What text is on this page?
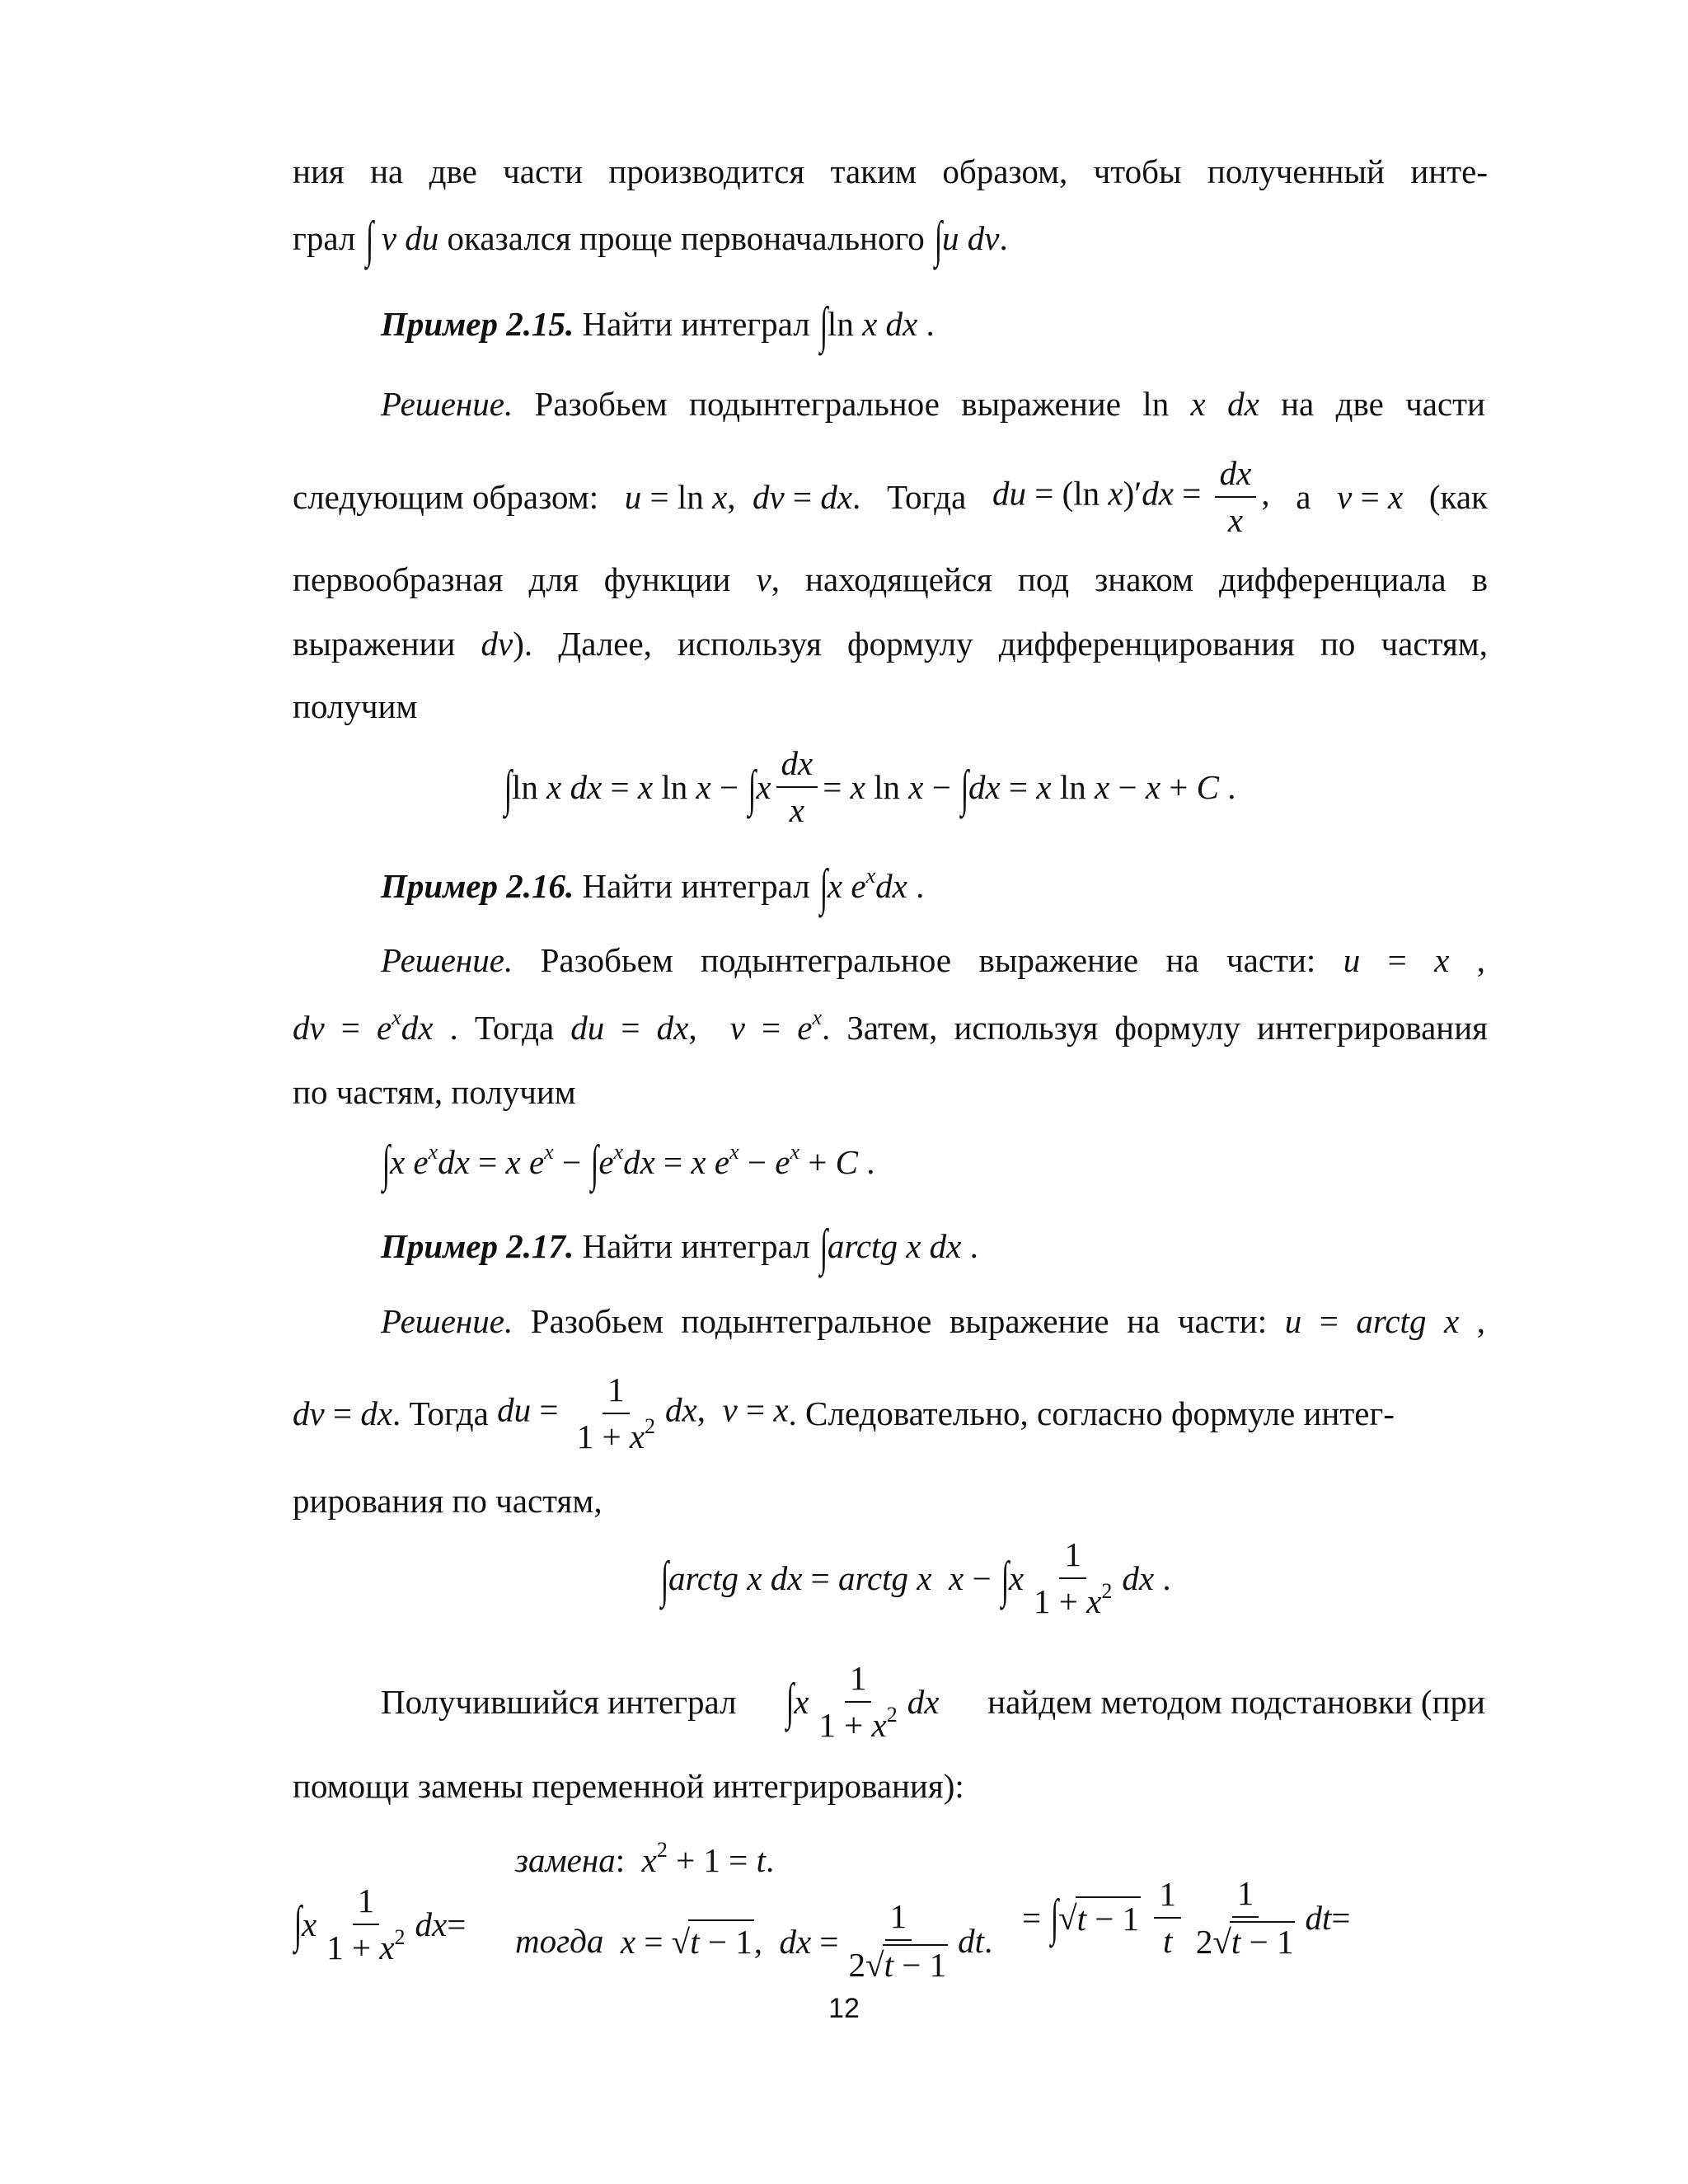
ния на две части производится таким образом, чтобы полученный инте-
грал ∫ v du оказался проще первоначального ∫u dv.
Пример 2.15. Найти интеграл ∫ln x dx .
Решение. Разобьем подынтегральное выражение ln x dx на две части
следующим образом: u = ln x,  dv = dx. Тогда du = (ln $x)'dx = \frac{dx}{x}$ , а v = x (как
первообразная для функции v, находящейся под знаком дифференциала в
выражении dv). Далее, используя формулу дифференцирования по частям,
получим
∫ln x dx = x $\ln x - \int x \frac{dx}{x} = x$ ln x − ∫dx = x ln x − x + C .
Пример 2.16. Найти интеграл ∫x $e^xdx$ .
Решение. Разобьем подынтегральное выражение на части: u = x ,
dv = $e^xdx$ . Тогда du = dx,  $v = e^x$. Затем, используя формулу интегрирования
по частям, получим
∫x $e^xdx = x$ $e^x - \int e^xdx = x$ $e^x - e^x + C$ .
Пример 2.17. Найти интеграл ∫arctg x dx .
Решение. Разобьем подынтегральное выражение на части: u = arctg x ,
dv = dx.
Тогда
du = $\frac{1}{1 + x^2}$ dx,  v = x . Следовательно, согласно формуле интег-
рирования по частям,
∫arctg x dx = arctg x $x - \int x \frac{1}{1 + x^2}$ dx .
Получившийся интеграл ∫ x $\frac{1}{1 + x^2}$ dx найдем методом подстановки (при
помощи замены переменной интегрирования):
∫ x $\frac{1}{1 + x^2}$ dx =
замена:  $x^2 + 1 = t$.
тогда
x = √t − 1,  dx = $\frac{1}{2√t - 1}$ dt .
= ∫ √ t − 1
$\frac{1}{t} \frac{1}{2√t - 1}$ dt =
12
